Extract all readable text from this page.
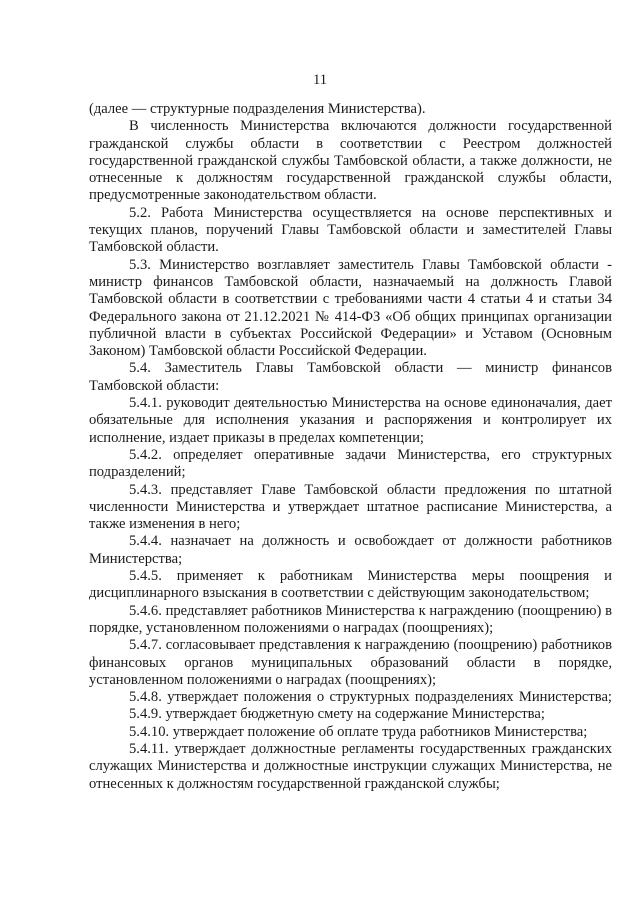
11

(далее — структурные подразделения Министерства).

В численность Министерства включаются должности государственной гражданской службы области в соответствии с Реестром должностей государственной гражданской службы Тамбовской области, а также должности, не отнесенные к должностям государственной гражданской службы области, предусмотренные законодательством области.

5.2. Работа Министерства осуществляется на основе перспективных и текущих планов, поручений Главы Тамбовской области и заместителей Главы Тамбовской области.

5.3. Министерство возглавляет заместитель Главы Тамбовской области - министр финансов Тамбовской области, назначаемый на должность Главой Тамбовской области в соответствии с требованиями части 4 статьи 4 и статьи 34 Федерального закона от 21.12.2021 № 414-ФЗ «Об общих принципах организации публичной власти в субъектах Российской Федерации» и Уставом (Основным Законом) Тамбовской области Российской Федерации.

5.4. Заместитель Главы Тамбовской области — министр финансов Тамбовской области:

5.4.1. руководит деятельностью Министерства на основе единоначалия, дает обязательные для исполнения указания и распоряжения и контролирует их исполнение, издает приказы в пределах компетенции;

5.4.2. определяет оперативные задачи Министерства, его структурных подразделений;

5.4.3. представляет Главе Тамбовской области предложения по штатной численности Министерства и утверждает штатное расписание Министерства, а также изменения в него;

5.4.4. назначает на должность и освобождает от должности работников Министерства;

5.4.5. применяет к работникам Министерства меры поощрения и дисциплинарного взыскания в соответствии с действующим законодательством;

5.4.6. представляет работников Министерства к награждению (поощрению) в порядке, установленном положениями о наградах (поощрениях);

5.4.7. согласовывает представления к награждению (поощрению) работников финансовых органов муниципальных образований области в порядке, установленном положениями о наградах (поощрениях);

5.4.8. утверждает положения о структурных подразделениях Министерства;

5.4.9. утверждает бюджетную смету на содержание Министерства;

5.4.10. утверждает положение об оплате труда работников Министерства;

5.4.11. утверждает должностные регламенты государственных гражданских служащих Министерства и должностные инструкции служащих Министерства, не отнесенных к должностям государственной гражданской службы;
